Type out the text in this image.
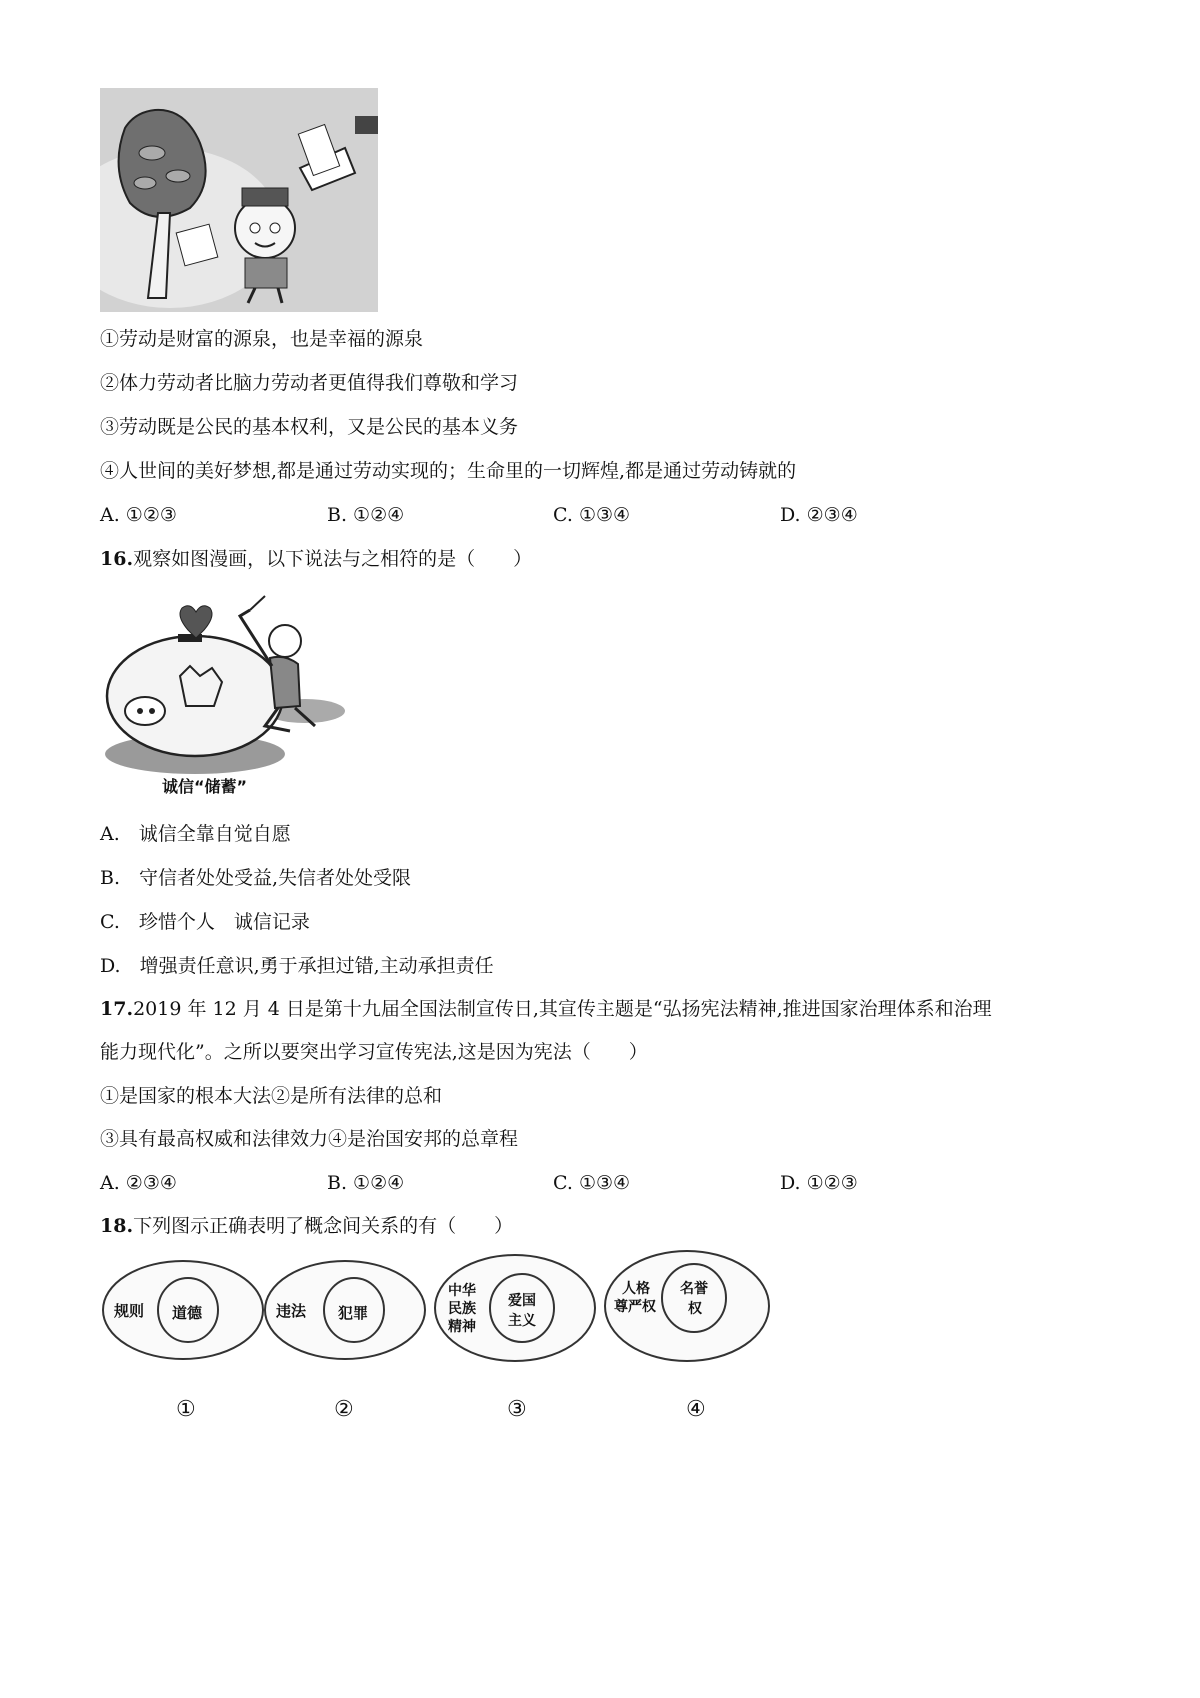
①劳动是财富的源泉，也是幸福的源泉
②体力劳动者比脑力劳动者更值得我们尊敬和学习
③劳动既是公民的基本权利，又是公民的基本义务
④人世间的美好梦想,都是通过劳动实现的；生命里的一切辉煌,都是通过劳动铸就的
A. ①②③	B. ①②④	C. ①③④	D. ②③④
16.观察如图漫画，以下说法与之相符的是（　　）
诚信“储蓄”
A.　诚信全靠自觉自愿
B.　守信者处处受益,失信者处处受限
C.　珍惜个人　诚信记录
D.　增强责任意识,勇于承担过错,主动承担责任
17.2019 年 12 月 4 日是第十九届全国法制宣传日,其宣传主题是“弘扬宪法精神,推进国家治理体系和治理
能力现代化”。之所以要突出学习宣传宪法,这是因为宪法（　　）
①是国家的根本大法②是所有法律的总和
③具有最高权威和法律效力④是治国安邦的总章程
A. ②③④	B. ①②④	C. ①③④	D. ①②③
18.下列图示正确表明了概念间关系的有（　　）
规则 道德	违法 犯罪
中华
民族
精神
爱国
主义
人格
尊严权
名誉
权
①	②	③	④
